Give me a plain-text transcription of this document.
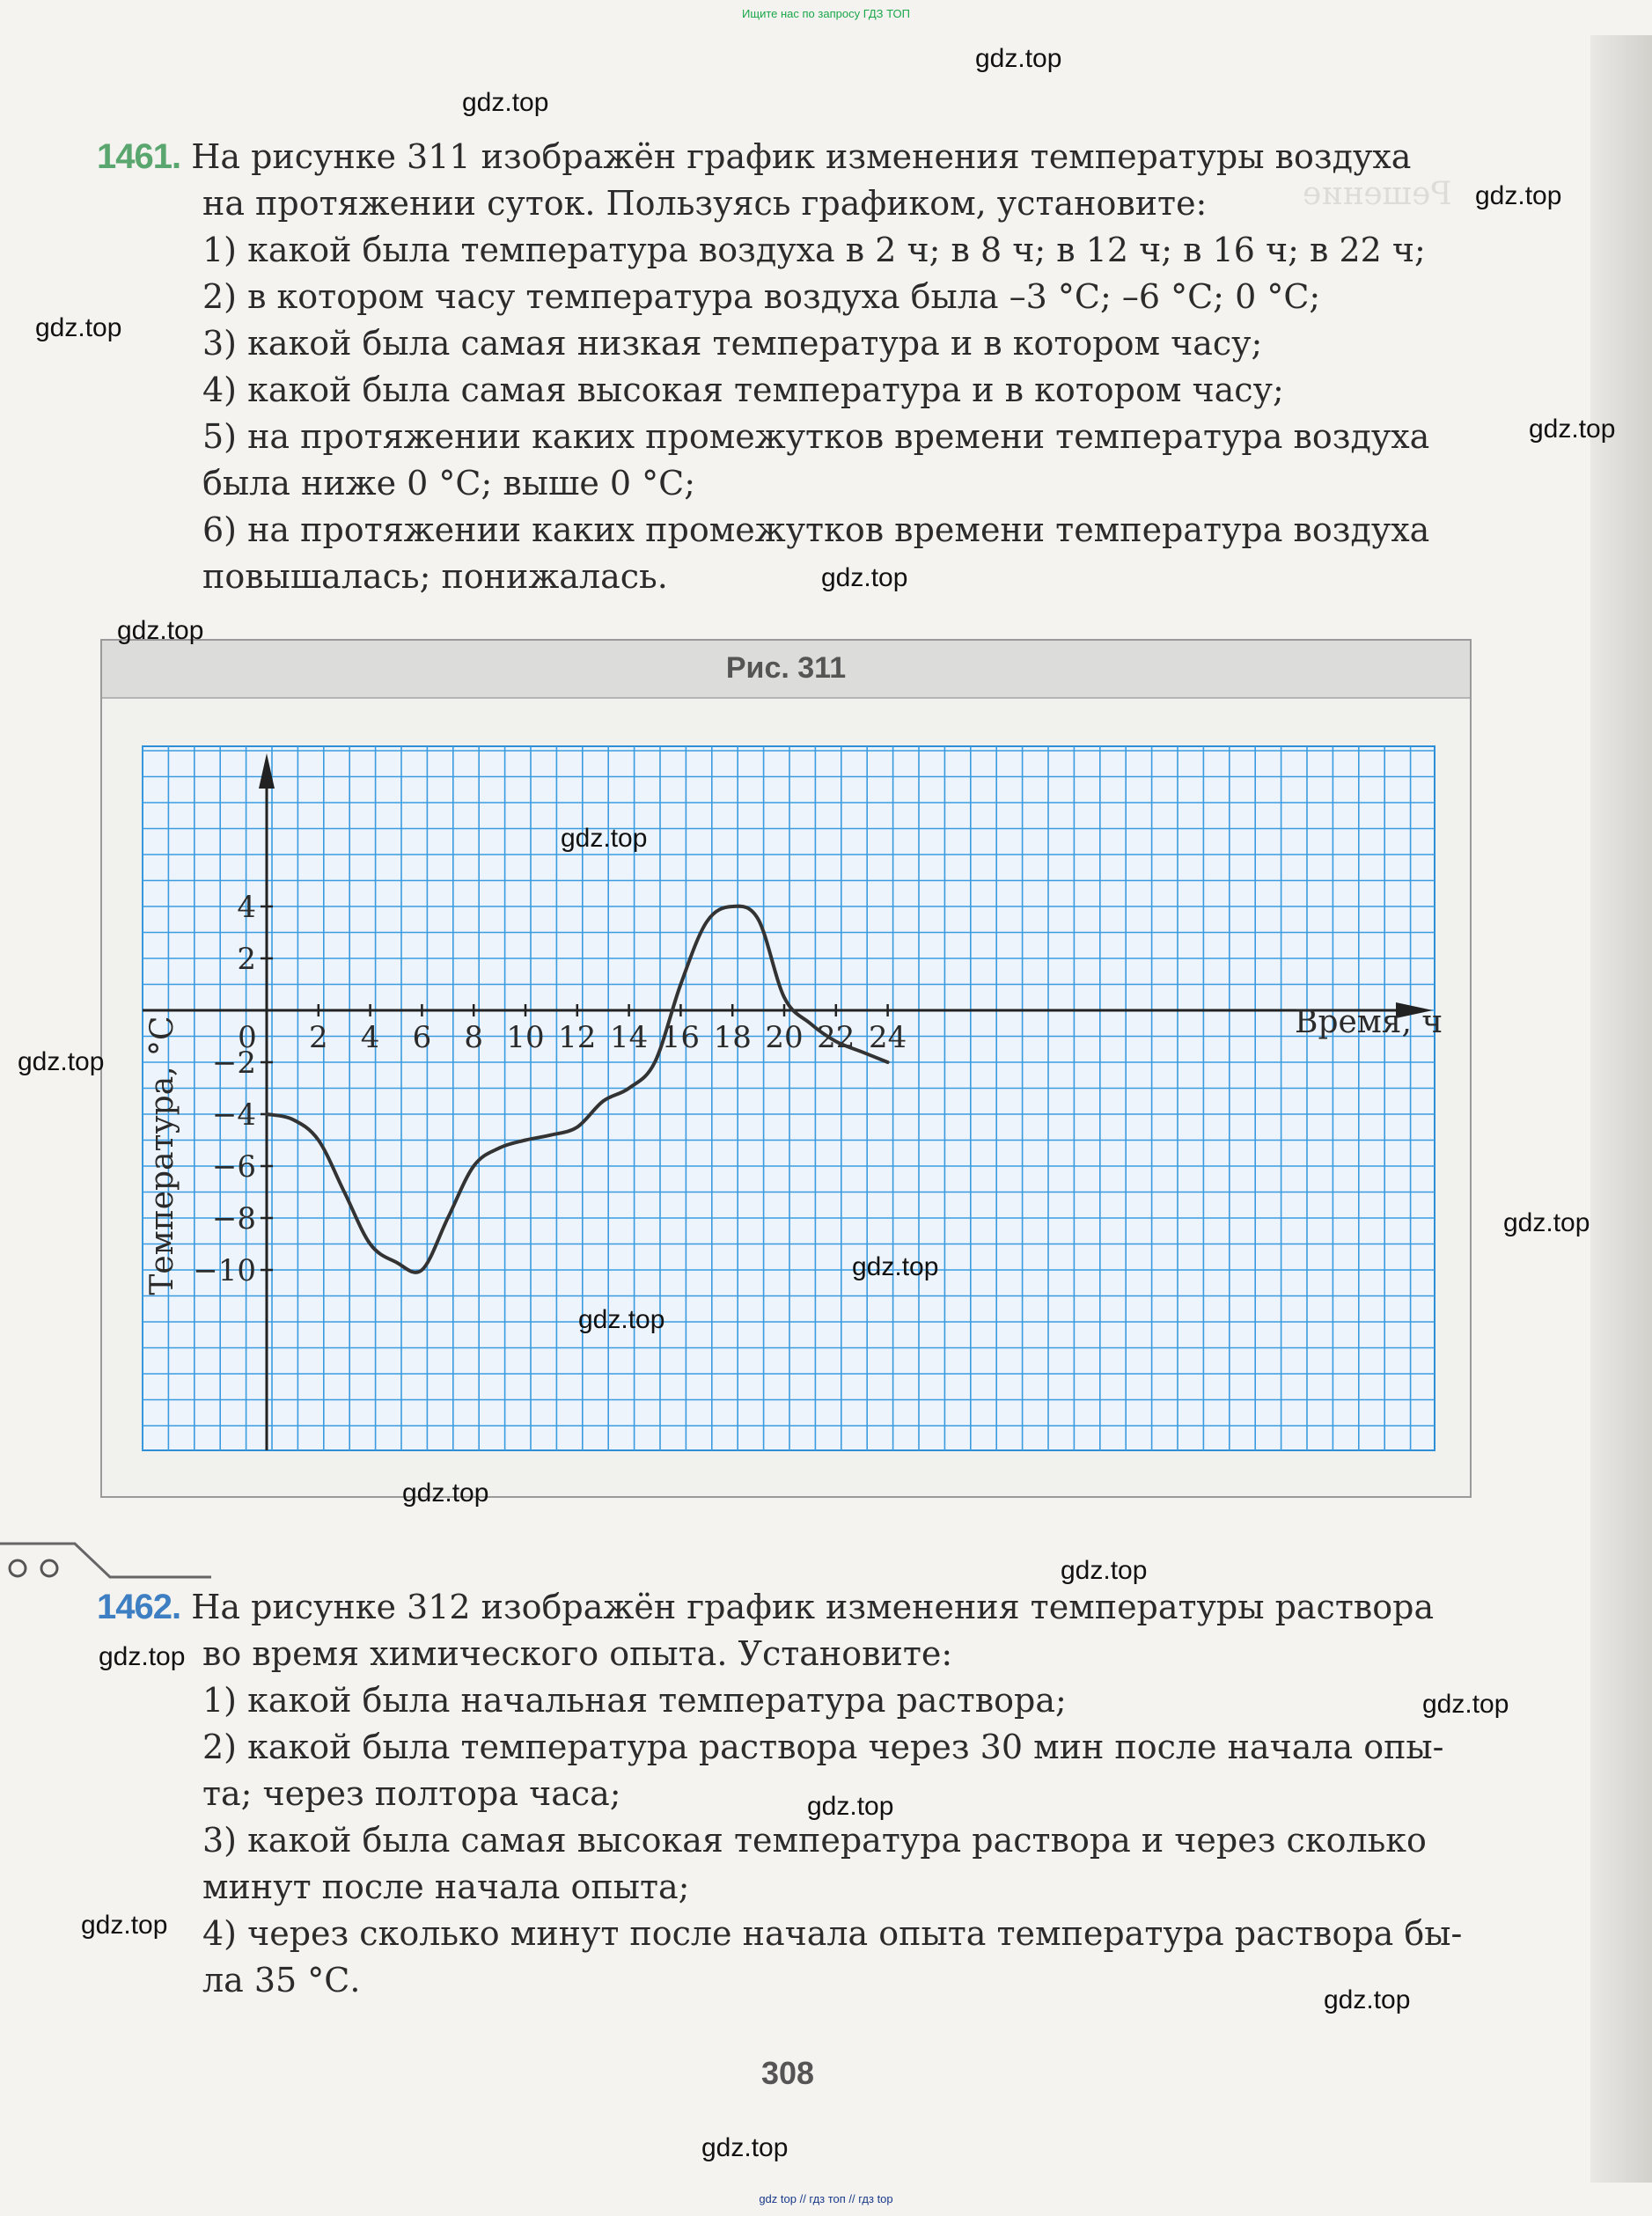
Ищите нас по запросу ГДЗ ТОП
Решение
1461. На рисунке 311 изображён график изменения температуры воздуха
на протяжении суток. Пользуясь графиком, установите:
1) какой была температура воздуха в 2 ч; в 8 ч; в 12 ч; в 16 ч; в 22 ч;
2) в котором часу температура воздуха была –3 °С; –6 °С; 0 °С;
3) какой была самая низкая температура и в котором часу;
4) какой была самая высокая температура и в котором часу;
5) на протяжении каких промежутков времени температура воздуха
была ниже 0 °С; выше 0 °С;
6) на протяжении каких промежутков времени температура воздуха
повышалась; понижалась.
Рис. 311
0 2 4 6 8 10 12 14 16 18 20 22 24
4
2
−2
−4
−6
−8
−10
Время, ч
Температура, °С
1462. На рисунке 312 изображён график изменения температуры раствора
во время химического опыта. Установите:
1) какой была начальная температура раствора;
2) какой была температура раствора через 30 мин после начала опы-
та; через полтора часа;
3) какой была самая высокая температура раствора и через сколько
минут после начала опыта;
4) через сколько минут после начала опыта температура раствора бы-
ла 35 °С.
308
gdz.top
gdz.top
gdz.top
gdz.top
gdz.top
gdz.top
gdz.top
gdz.top
gdz.top
gdz.top
gdz.top
gdz.top
gdz.top
gdz.top
gdz.top
gdz.top
gdz.top
gdz.top
gdz.top
gdz.top
gdz top // гдз топ // гдз top
